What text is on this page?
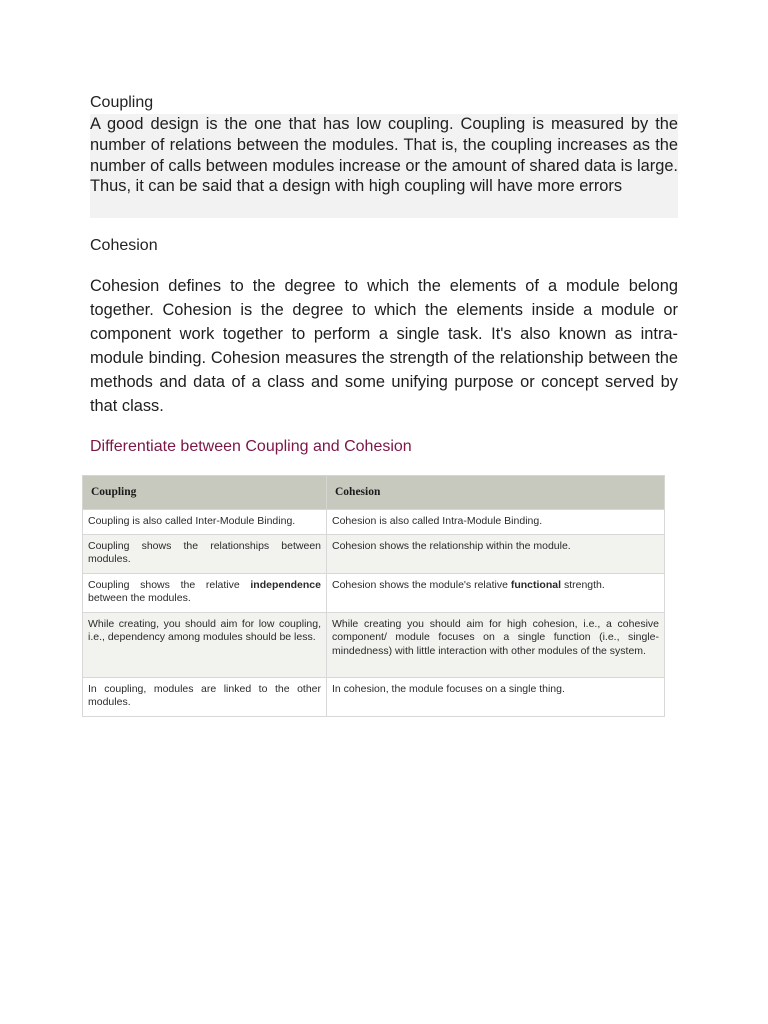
Coupling

A good design is the one that has low coupling. Coupling is measured by the number of relations between the modules. That is, the coupling increases as the number of calls between modules increase or the amount of shared data is large. Thus, it can be said that a design with high coupling will have more errors

Cohesion

Cohesion defines to the degree to which the elements of a module belong together. Cohesion is the degree to which the elements inside a module or component work together to perform a single task. It's also known as intra-module binding. Cohesion measures the strength of the relationship between the methods and data of a class and some unifying purpose or concept served by that class.

Differentiate between Coupling and Cohesion
Coupling	Cohesion
Coupling is also called Inter-Module Binding.	Cohesion is also called Intra-Module Binding.
Coupling shows the relationships between modules.	Cohesion shows the relationship within the module.
Coupling shows the relative independence between the modules.	Cohesion shows the module's relative functional strength.
While creating, you should aim for low coupling, i.e., dependency among modules should be less.	While creating you should aim for high cohesion, i.e., a cohesive component/ module focuses on a single function (i.e., single-mindedness) with little interaction with other modules of the system.
In coupling, modules are linked to the other modules.	In cohesion, the module focuses on a single thing.
